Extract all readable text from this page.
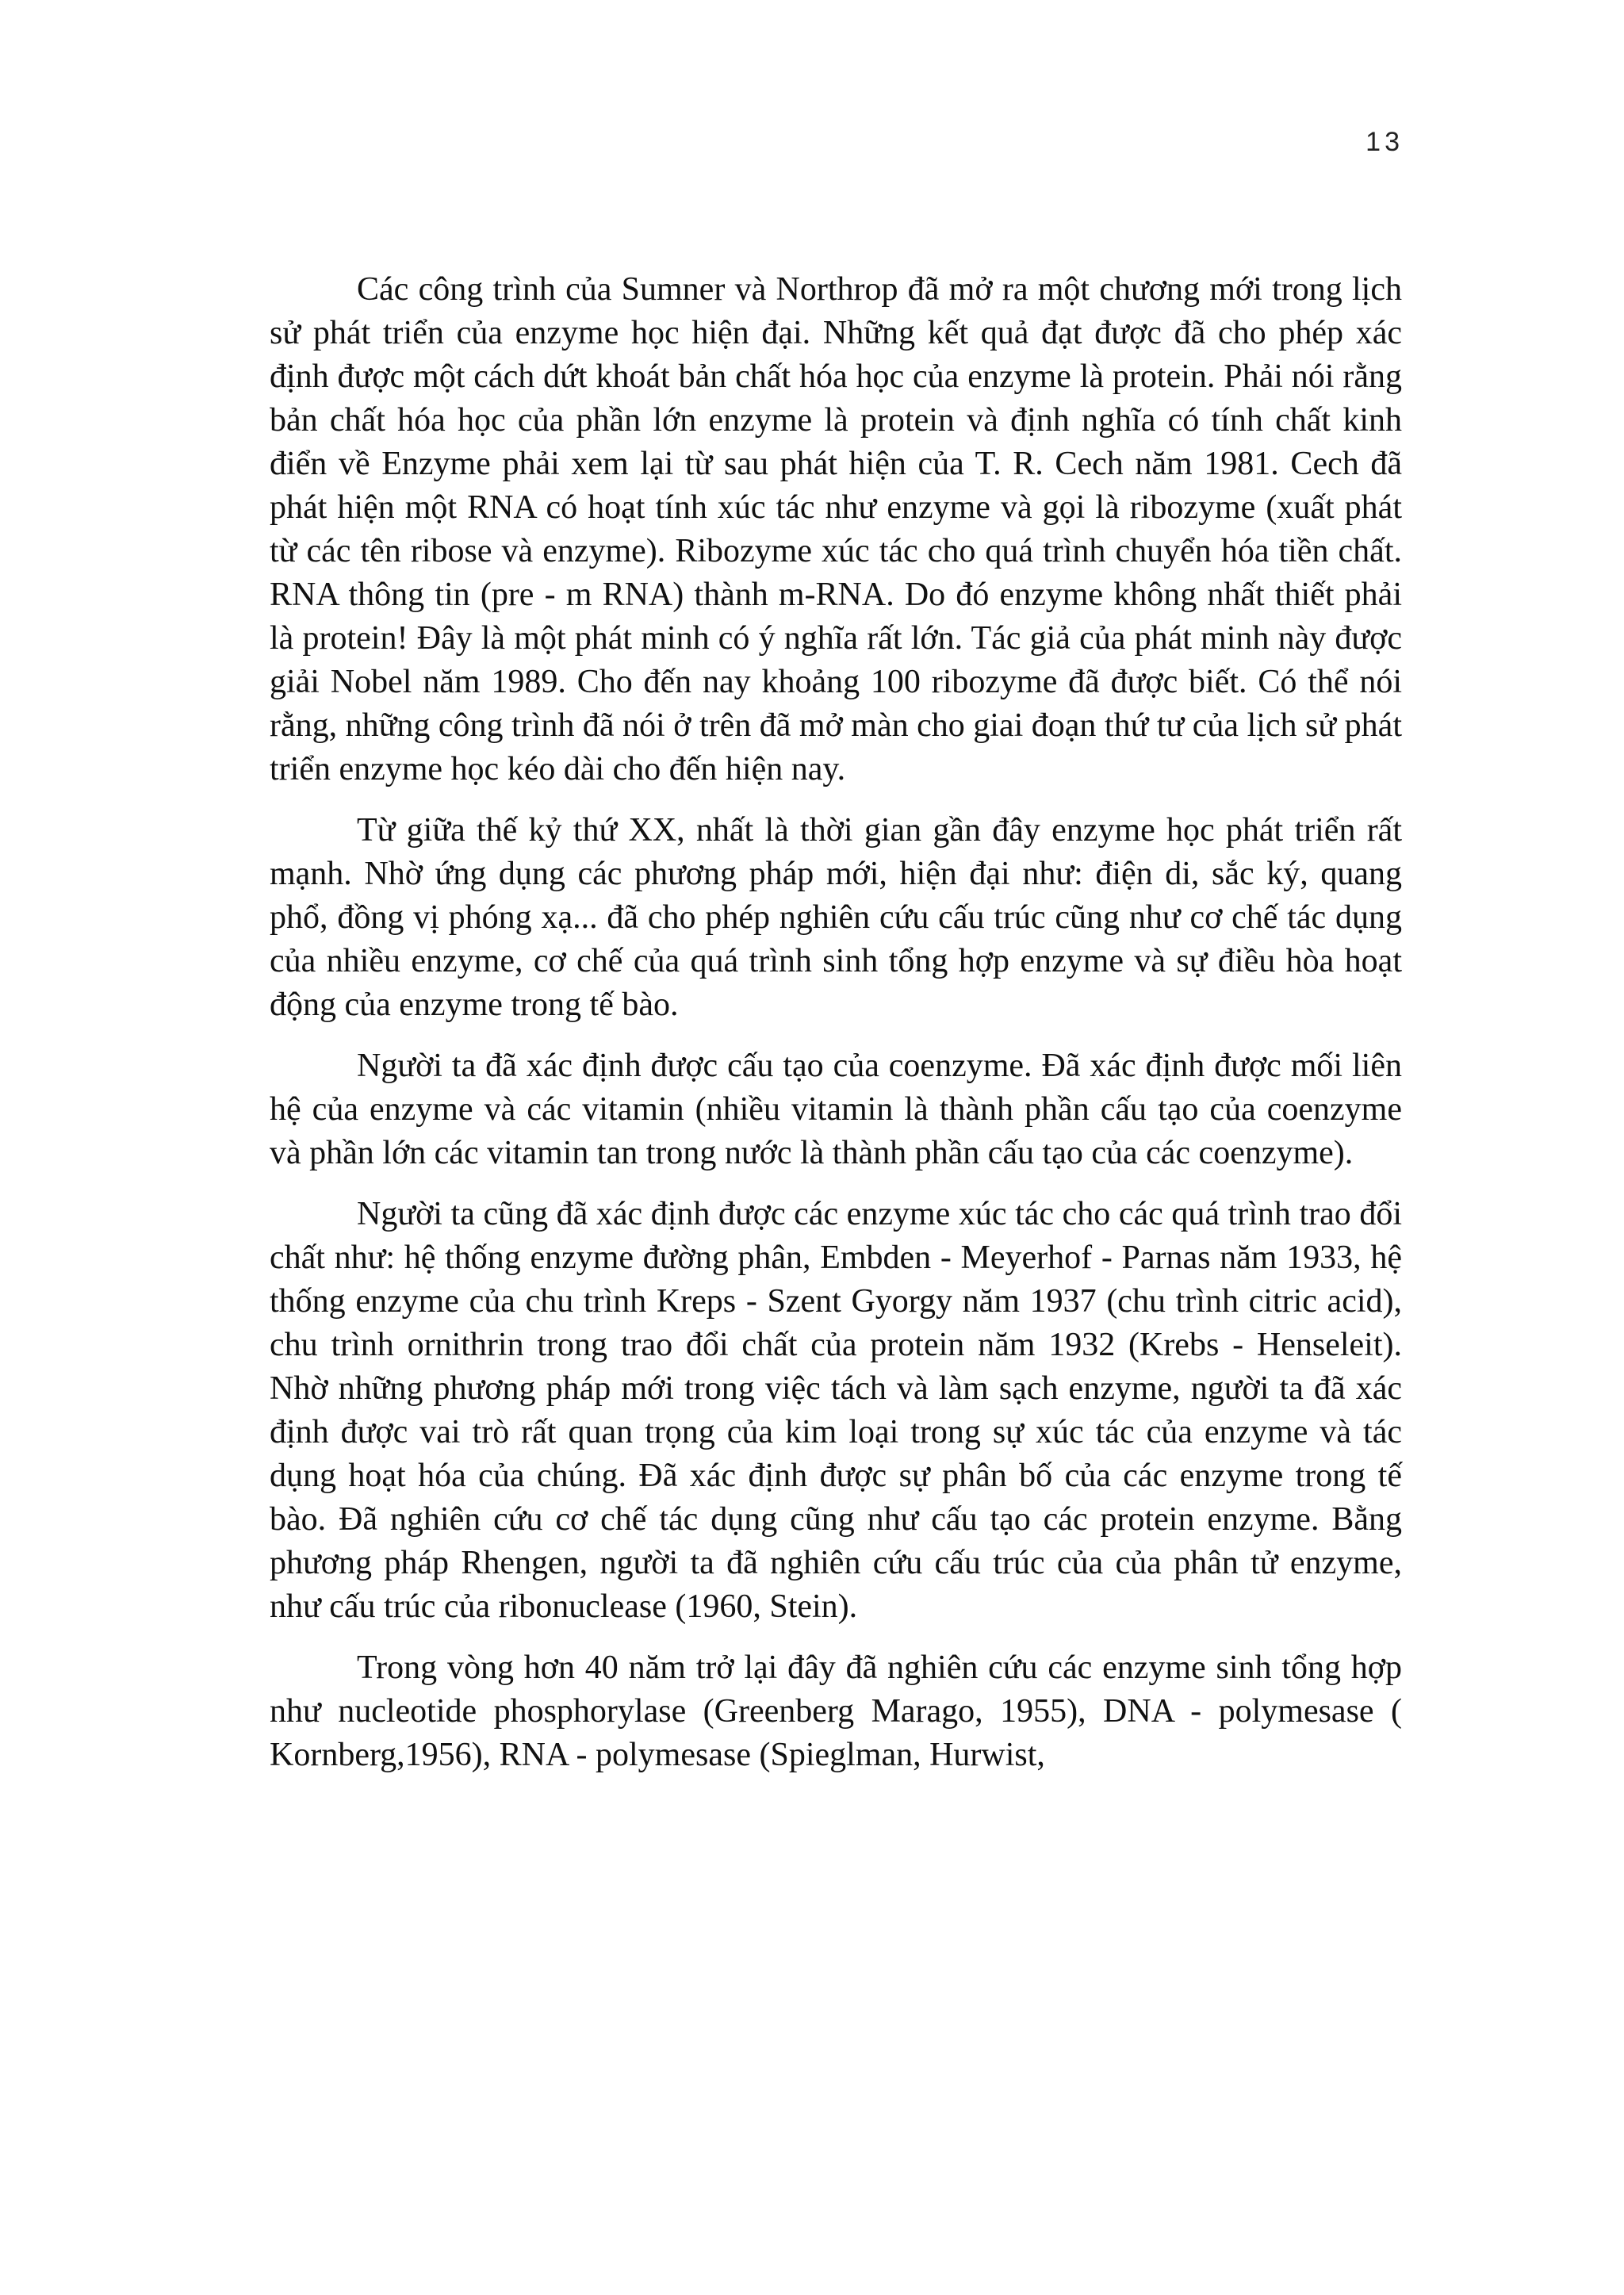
13

Các công trình của Sumner và Northrop đã mở ra một chương mới trong lịch sử phát triển của enzyme học hiện đại. Những kết quả đạt được đã cho phép xác định được một cách dứt khoát bản chất hóa học của enzyme là protein. Phải nói rằng bản chất hóa học của phần lớn enzyme là protein và định nghĩa có tính chất kinh điển về Enzyme phải xem lại từ sau phát hiện của T. R. Cech năm 1981. Cech đã phát hiện một RNA có hoạt tính xúc tác như enzyme và gọi là ribozyme (xuất phát từ các tên ribose và enzyme). Ribozyme xúc tác cho quá trình chuyển hóa tiền chất. RNA thông tin (pre - m RNA) thành m-RNA. Do đó enzyme không nhất thiết phải là protein! Đây là một phát minh có ý nghĩa rất lớn. Tác giả của phát minh này được giải Nobel năm 1989. Cho đến nay khoảng 100 ribozyme đã được biết. Có thể nói rằng, những công trình đã nói ở trên đã mở màn cho giai đoạn thứ tư của lịch sử phát triển enzyme học kéo dài cho đến hiện nay.

Từ giữa thế kỷ thứ XX, nhất là thời gian gần đây enzyme học phát triển rất mạnh. Nhờ ứng dụng các phương pháp mới, hiện đại như: điện di, sắc ký, quang phổ, đồng vị phóng xạ... đã cho phép nghiên cứu cấu trúc cũng như cơ chế tác dụng của nhiều enzyme, cơ chế của quá trình sinh tổng hợp enzyme và sự điều hòa hoạt động của enzyme trong tế bào.

Người ta đã xác định được cấu tạo của coenzyme. Đã xác định được mối liên hệ của enzyme và các vitamin (nhiều vitamin là thành phần cấu tạo của coenzyme và phần lớn các vitamin tan trong nước là thành phần cấu tạo của các coenzyme).

Người ta cũng đã xác định được các enzyme xúc tác cho các quá trình trao đổi chất như: hệ thống enzyme đường phân, Embden - Meyerhof - Parnas năm 1933, hệ thống enzyme của chu trình Kreps - Szent Gyorgy năm 1937 (chu trình citric acid), chu trình ornithrin trong trao đổi chất của protein năm 1932 (Krebs - Henseleit). Nhờ những phương pháp mới trong việc tách và làm sạch enzyme, người ta đã xác định được vai trò rất quan trọng của kim loại trong sự xúc tác của enzyme và tác dụng hoạt hóa của chúng. Đã xác định được sự phân bố của các enzyme trong tế bào. Đã nghiên cứu cơ chế tác dụng cũng như cấu tạo các protein enzyme. Bằng phương pháp Rhengen, người ta đã nghiên cứu cấu trúc của của phân tử enzyme, như cấu trúc của ribonuclease (1960, Stein).

Trong vòng hơn 40 năm trở lại đây đã nghiên cứu các enzyme sinh tổng hợp như nucleotide phosphorylase (Greenberg Marago, 1955), DNA - polymesase ( Kornberg,1956), RNA - polymesase (Spieglman, Hurwist,
